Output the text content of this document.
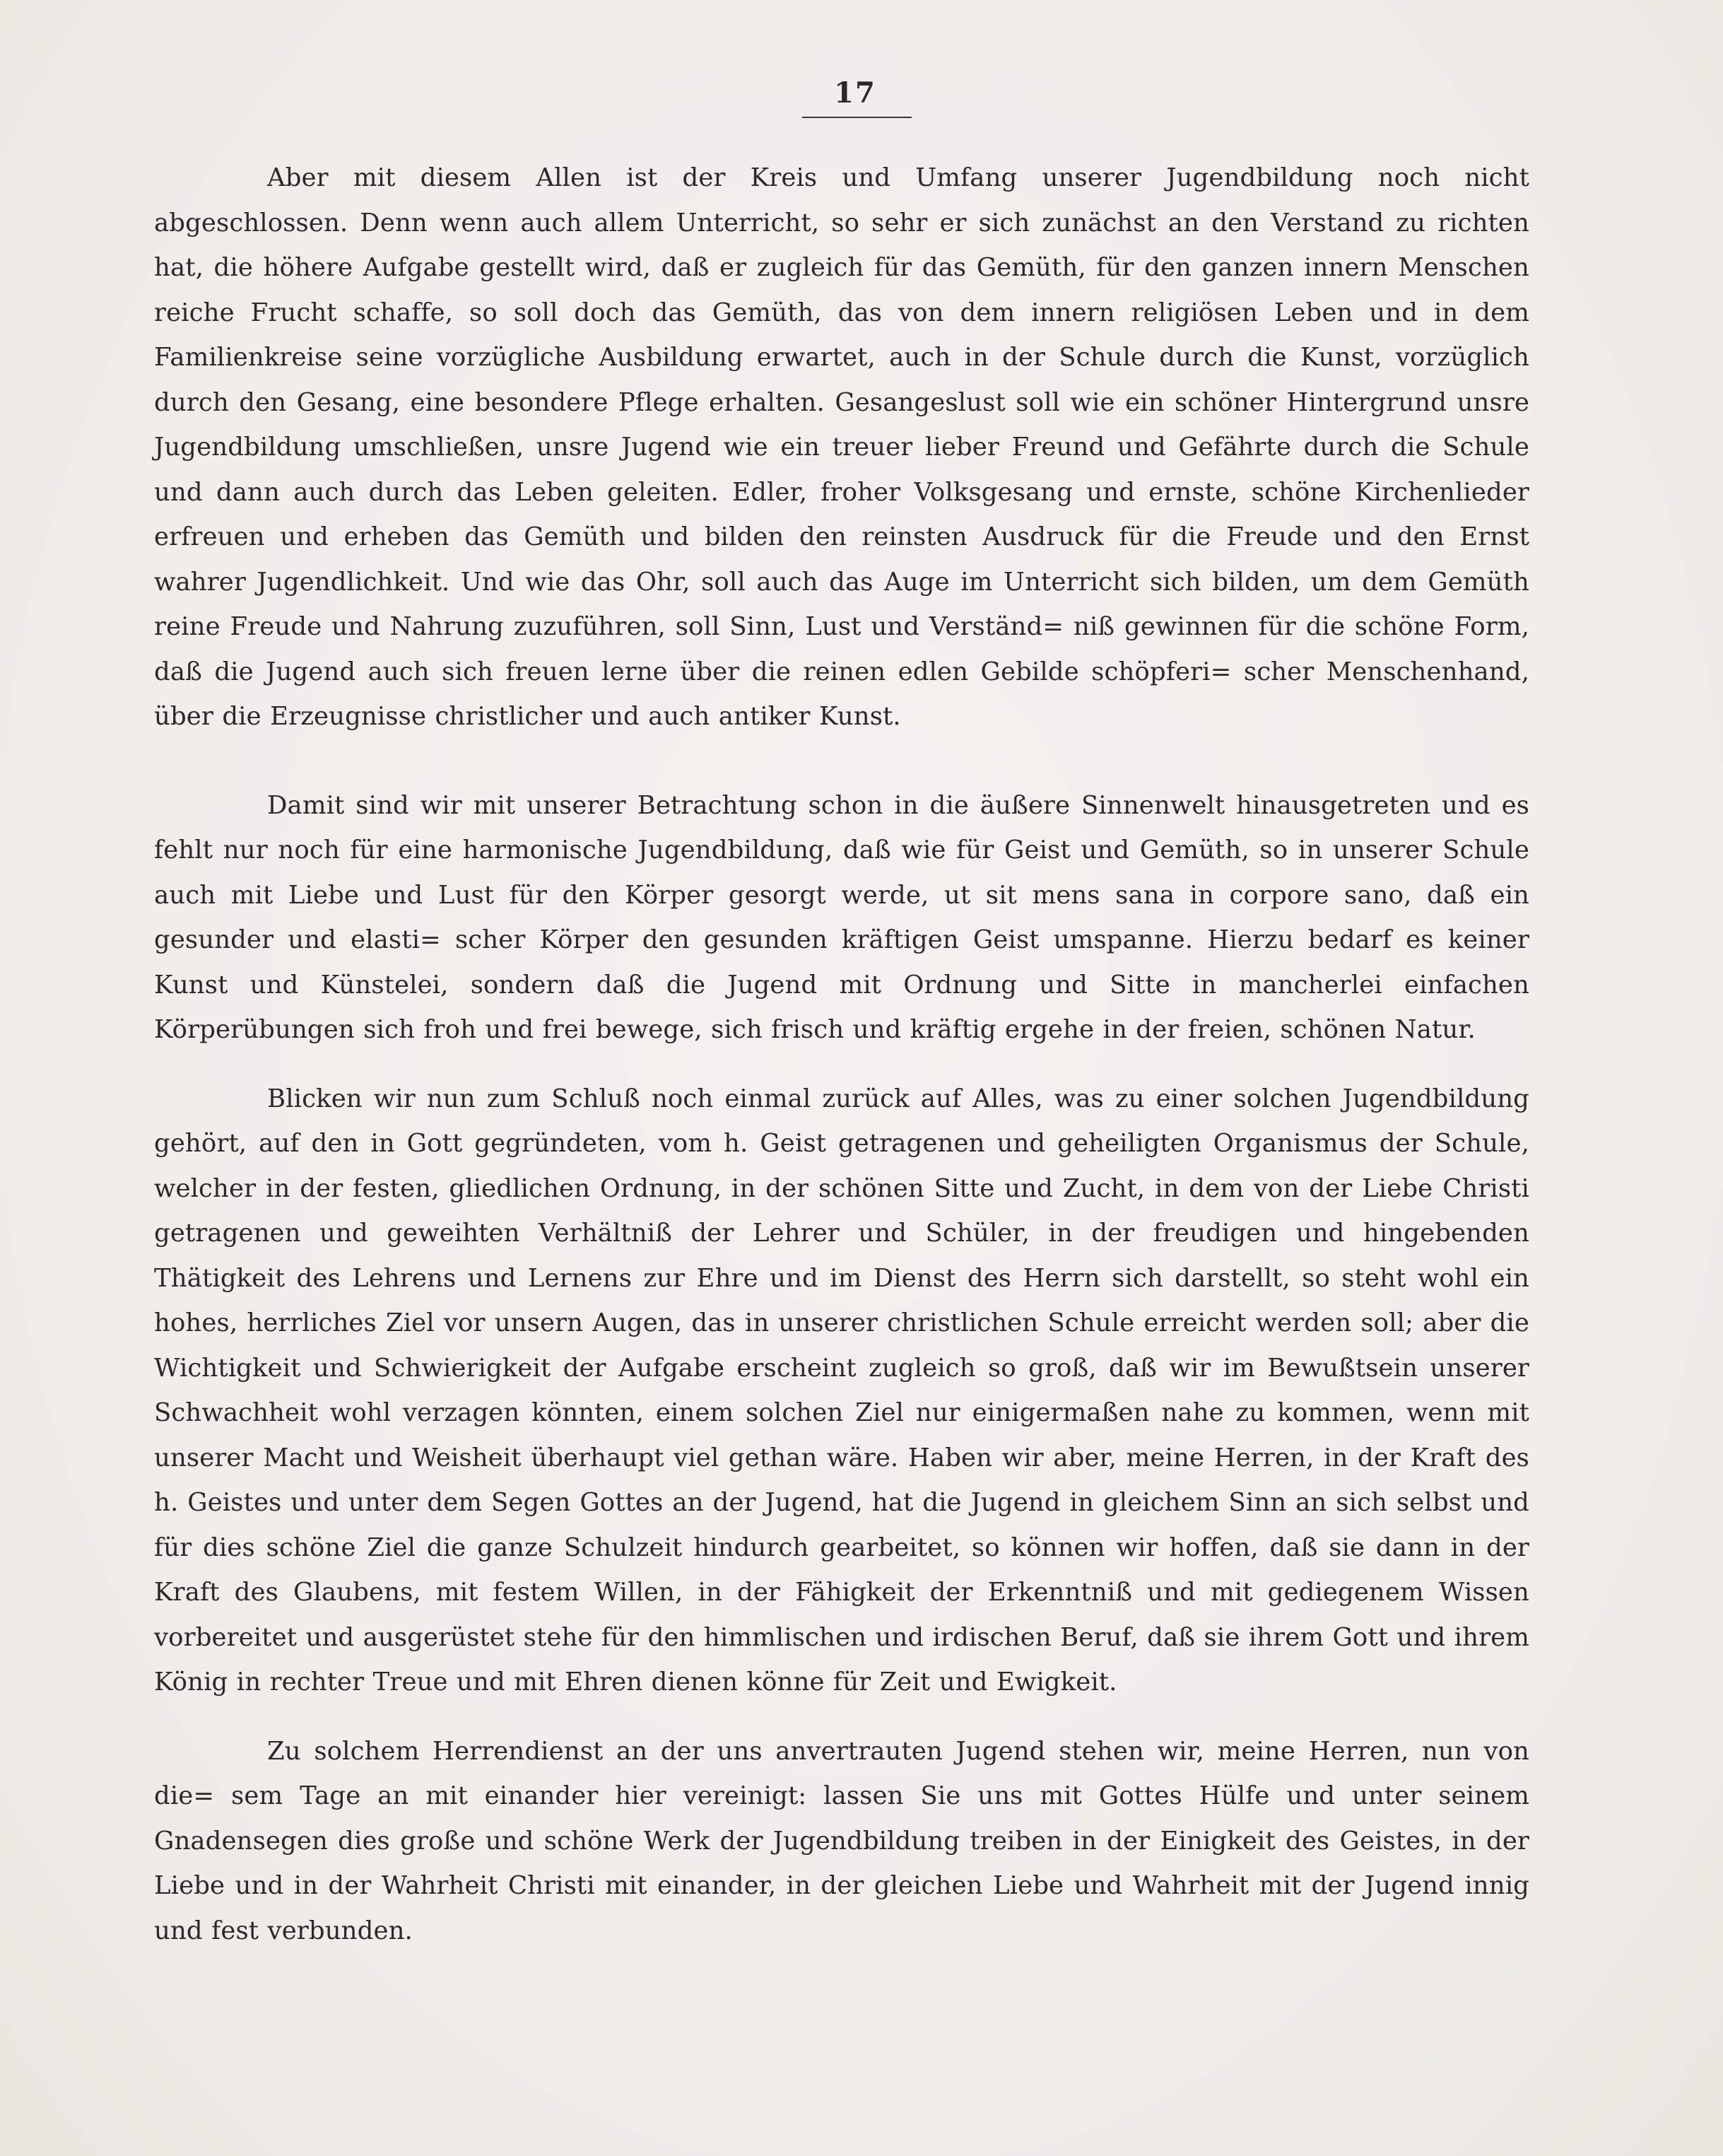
17

Aber mit diesem Allen ist der Kreis und Umfang unserer Jugendbildung noch nicht abgeschlossen. Denn wenn auch allem Unterricht, so sehr er sich zunächst an den Verstand zu richten hat, die höhere Aufgabe gestellt wird, daß er zugleich für das Gemüth, für den ganzen innern Menschen reiche Frucht schaffe, so soll doch das Gemüth, das von dem innern religiösen Leben und in dem Familienkreise seine vorzügliche Ausbildung erwartet, auch in der Schule durch die Kunst, vorzüglich durch den Gesang, eine besondere Pflege erhalten. Gesangeslust soll wie ein schöner Hintergrund unsre Jugendbildung umschließen, unsre Jugend wie ein treuer lieber Freund und Gefährte durch die Schule und dann auch durch das Leben geleiten. Edler, froher Volksgesang und ernste, schöne Kirchenlieder erfreuen und erheben das Gemüth und bilden den reinsten Ausdruck für die Freude und den Ernst wahrer Jugendlichkeit. Und wie das Ohr, soll auch das Auge im Unterricht sich bilden, um dem Gemüth reine Freude und Nahrung zuzuführen, soll Sinn, Lust und Verständ= niß gewinnen für die schöne Form, daß die Jugend auch sich freuen lerne über die reinen edlen Gebilde schöpferi= scher Menschenhand, über die Erzeugnisse christlicher und auch antiker Kunst.

Damit sind wir mit unserer Betrachtung schon in die äußere Sinnenwelt hinausgetreten und es fehlt nur noch für eine harmonische Jugendbildung, daß wie für Geist und Gemüth, so in unserer Schule auch mit Liebe und Lust für den Körper gesorgt werde, ut sit mens sana in corpore sano, daß ein gesunder und elasti= scher Körper den gesunden kräftigen Geist umspanne. Hierzu bedarf es keiner Kunst und Künstelei, sondern daß die Jugend mit Ordnung und Sitte in mancherlei einfachen Körperübungen sich froh und frei bewege, sich frisch und kräftig ergehe in der freien, schönen Natur.

Blicken wir nun zum Schluß noch einmal zurück auf Alles, was zu einer solchen Jugendbildung gehört, auf den in Gott gegründeten, vom h. Geist getragenen und geheiligten Organismus der Schule, welcher in der festen, gliedlichen Ordnung, in der schönen Sitte und Zucht, in dem von der Liebe Christi getragenen und geweihten Verhältniß der Lehrer und Schüler, in der freudigen und hingebenden Thätigkeit des Lehrens und Lernens zur Ehre und im Dienst des Herrn sich darstellt, so steht wohl ein hohes, herrliches Ziel vor unsern Augen, das in unserer christlichen Schule erreicht werden soll; aber die Wichtigkeit und Schwierigkeit der Aufgabe erscheint zugleich so groß, daß wir im Bewußtsein unserer Schwachheit wohl verzagen könnten, einem solchen Ziel nur einigermaßen nahe zu kommen, wenn mit unserer Macht und Weisheit überhaupt viel gethan wäre. Haben wir aber, meine Herren, in der Kraft des h. Geistes und unter dem Segen Gottes an der Jugend, hat die Jugend in gleichem Sinn an sich selbst und für dies schöne Ziel die ganze Schulzeit hindurch gearbeitet, so können wir hoffen, daß sie dann in der Kraft des Glaubens, mit festem Willen, in der Fähigkeit der Erkenntniß und mit gediegenem Wissen vorbereitet und ausgerüstet stehe für den himmlischen und irdischen Beruf, daß sie ihrem Gott und ihrem König in rechter Treue und mit Ehren dienen könne für Zeit und Ewigkeit.

Zu solchem Herrendienst an der uns anvertrauten Jugend stehen wir, meine Herren, nun von die= sem Tage an mit einander hier vereinigt: lassen Sie uns mit Gottes Hülfe und unter seinem Gnadensegen dies große und schöne Werk der Jugendbildung treiben in der Einigkeit des Geistes, in der Liebe und in der Wahrheit Christi mit einander, in der gleichen Liebe und Wahrheit mit der Jugend innig und fest verbunden.
